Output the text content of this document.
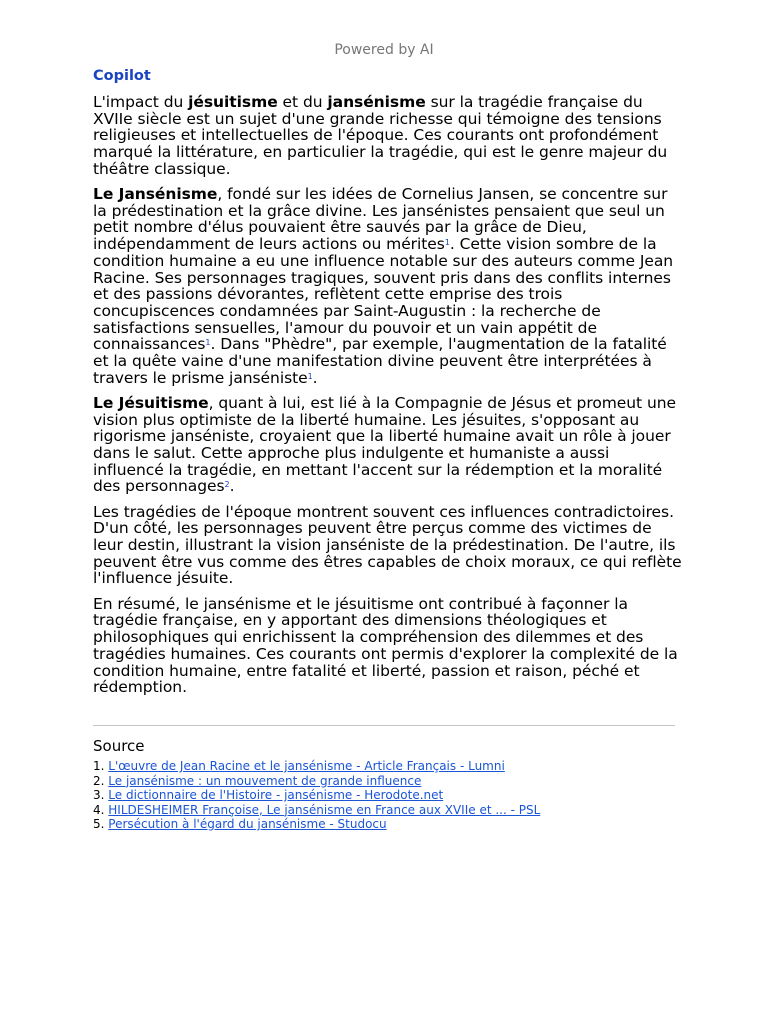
Powered by AI
Copilot

L'impact du jésuitisme et du jansénisme sur la tragédie française du XVIIe siècle est un sujet d'une grande richesse qui témoigne des tensions religieuses et intellectuelles de l'époque. Ces courants ont profondément marqué la littérature, en particulier la tragédie, qui est le genre majeur du théâtre classique.

Le Jansénisme, fondé sur les idées de Cornelius Jansen, se concentre sur la prédestination et la grâce divine. Les jansénistes pensaient que seul un petit nombre d'élus pouvaient être sauvés par la grâce de Dieu, indépendamment de leurs actions ou mérites$^1$. Cette vision sombre de la condition humaine a eu une influence notable sur des auteurs comme Jean Racine. Ses personnages tragiques, souvent pris dans des conflits internes et des passions dévorantes, reflètent cette emprise des trois concupiscences condamnées par Saint-Augustin : la recherche de satisfactions sensuelles, l'amour du pouvoir et un vain appétit de connaissances$^1$. Dans "Phèdre", par exemple, l'augmentation de la fatalité et la quête vaine d'une manifestation divine peuvent être interprétées à travers le prisme janséniste$^1$.

Le Jésuitisme, quant à lui, est lié à la Compagnie de Jésus et promeut une vision plus optimiste de la liberté humaine. Les jésuites, s'opposant au rigorisme janséniste, croyaient que la liberté humaine avait un rôle à jouer dans le salut. Cette approche plus indulgente et humaniste a aussi influencé la tragédie, en mettant l'accent sur la rédemption et la moralité des personnages$^2$.

Les tragédies de l'époque montrent souvent ces influences contradictoires. D'un côté, les personnages peuvent être perçus comme des victimes de leur destin, illustrant la vision janséniste de la prédestination. De l'autre, ils peuvent être vus comme des êtres capables de choix moraux, ce qui reflète l'influence jésuite.

En résumé, le jansénisme et le jésuitisme ont contribué à façonner la tragédie française, en y apportant des dimensions théologiques et philosophiques qui enrichissent la compréhension des dilemmes et des tragédies humaines. Ces courants ont permis d'explorer la complexité de la condition humaine, entre fatalité et liberté, passion et raison, péché et rédemption.

Source
1. L'œuvre de Jean Racine et le jansénisme - Article Français - Lumni
2. Le jansénisme : un mouvement de grande influence
3. Le dictionnaire de l'Histoire - jansénisme - Herodote.net
4. HILDESHEIMER Françoise, Le jansénisme en France aux XVIIe et ... - PSL
5. Persécution à l'égard du jansénisme - Studocu
